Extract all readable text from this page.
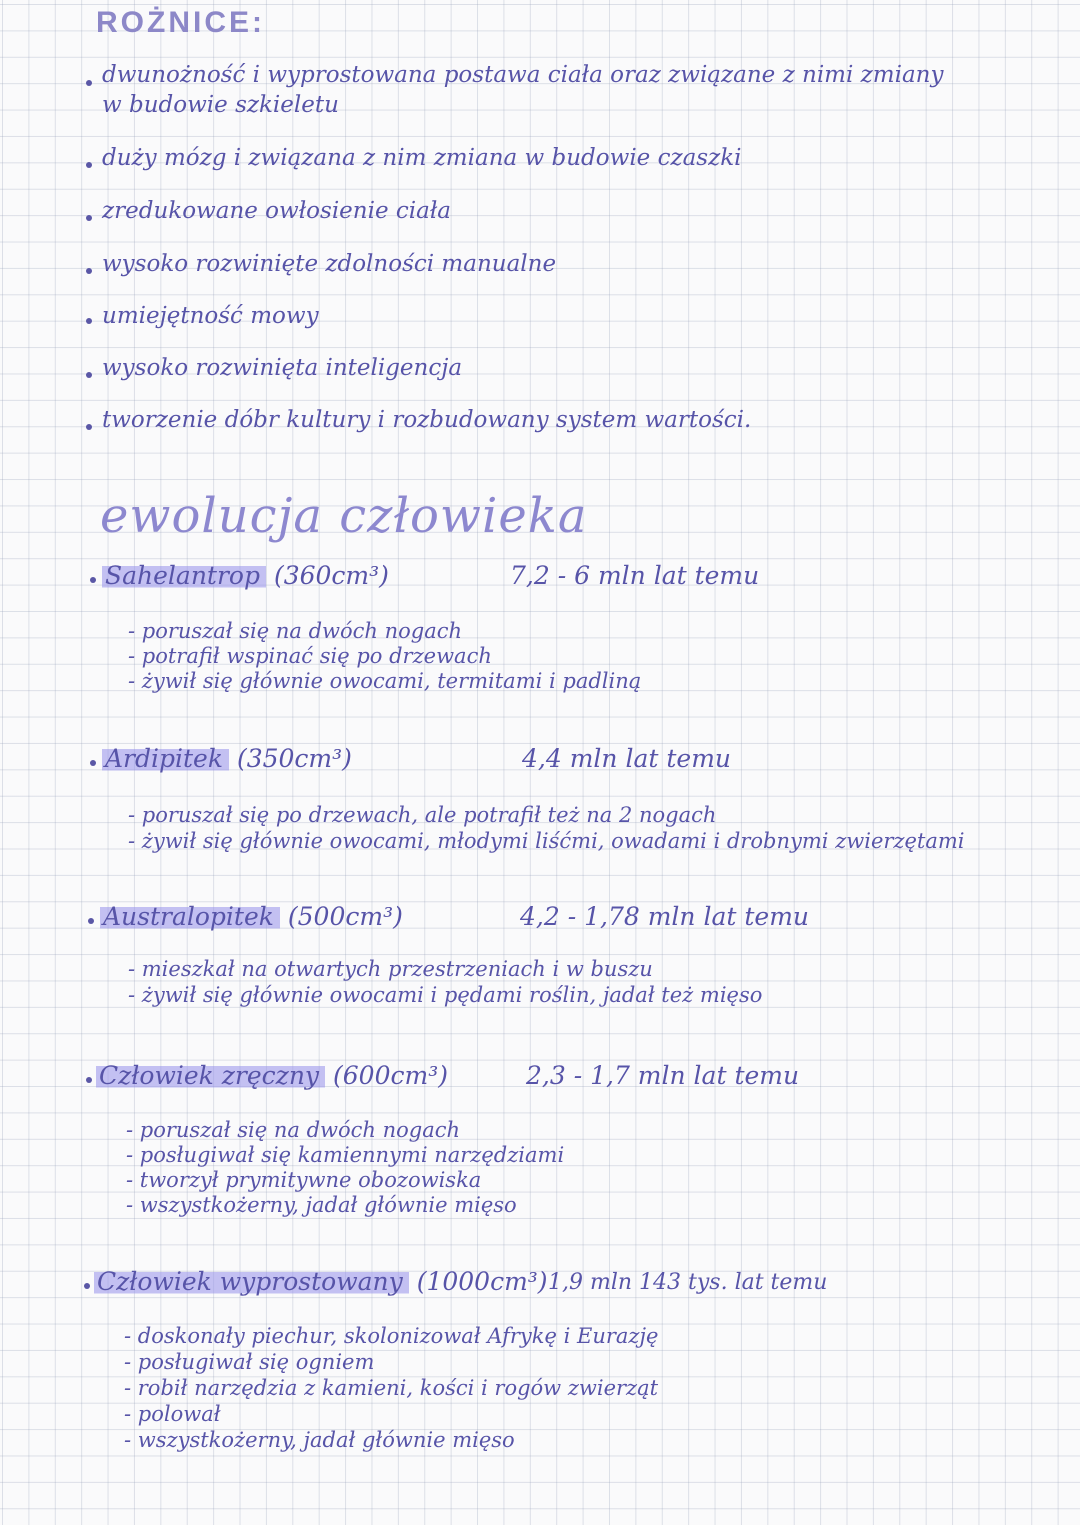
ROŻNICE:
dwunożność i wyprostowana postawa ciała oraz związane z nimi zmiany
w budowie szkieletu
duży mózg i związana z nim zmiana w budowie czaszki
zredukowane owłosienie ciała
wysoko rozwinięte zdolności manualne
umiejętność mowy
wysoko rozwinięta inteligencja
tworzenie dóbr kultury i rozbudowany system wartości.
ewolucja człowieka
Sahelantrop (360cm³)	7,2 - 6 mln lat temu
- poruszał się na dwóch nogach
- potrafił wspinać się po drzewach
- żywił się głównie owocami, termitami i padliną
Ardipitek (350cm³)	4,4 mln lat temu
- poruszał się po drzewach, ale potrafił też na 2 nogach
- żywił się głównie owocami, młodymi liśćmi, owadami i drobnymi zwierzętami
Australopitek (500cm³)	4,2 - 1,78 mln lat temu
- mieszkał na otwartych przestrzeniach i w buszu
- żywił się głównie owocami i pędami roślin, jadał też mięso
Człowiek zręczny (600cm³)	2,3 - 1,7 mln lat temu
- poruszał się na dwóch nogach
- posługiwał się kamiennymi narzędziami
- tworzył prymitywne obozowiska
- wszystkożerny, jadał głównie mięso
Człowiek wyprostowany (1000cm³) 1,9 mln 143 tys. lat temu
- doskonały piechur, skolonizował Afrykę i Eurazję
- posługiwał się ogniem
- robił narzędzia z kamieni, kości i rogów zwierząt
- polował
- wszystkożerny, jadał głównie mięso
